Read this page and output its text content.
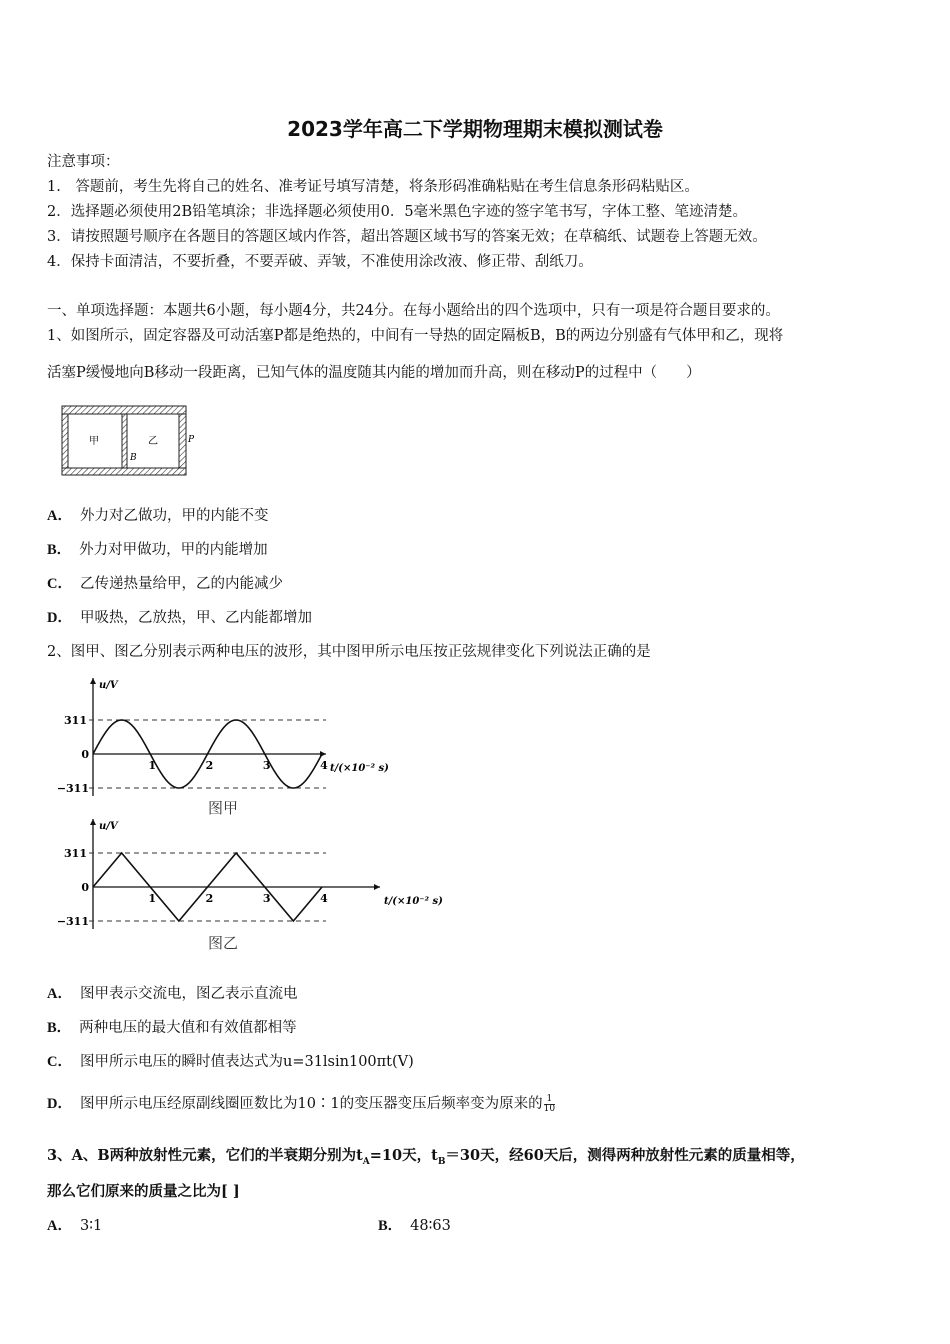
2023学年高二下学期物理期末模拟测试卷
注意事项：
1.　答题前，考生先将自己的姓名、准考证号填写清楚，将条形码准确粘贴在考生信息条形码粘贴区。
2．选择题必须使用2B铅笔填涂；非选择题必须使用0．5毫米黑色字迹的签字笔书写，字体工整、笔迹清楚。
3．请按照题号顺序在各题目的答题区域内作答，超出答题区域书写的答案无效；在草稿纸、试题卷上答题无效。
4．保持卡面清洁，不要折叠，不要弄破、弄皱，不准使用涂改液、修正带、刮纸刀。
一、单项选择题：本题共6小题，每小题4分，共24分。在每小题给出的四个选项中，只有一项是符合题目要求的。
1、如图所示，固定容器及可动活塞P都是绝热的，中间有一导热的固定隔板B，B的两边分别盛有气体甲和乙，现将
活塞P缓慢地向B移动一段距离，已知气体的温度随其内能的增加而升高，则在移动P的过程中（　　）
甲	乙
B
P
A． 外力对乙做功，甲的内能不变
B． 外力对甲做功，甲的内能增加
C． 乙传递热量给甲，乙的内能减少
D． 甲吸热，乙放热，甲、乙内能都增加
2、图甲、图乙分别表示两种电压的波形，其中图甲所示电压按正弦规律变化下列说法正确的是
311
0
−311
u/V
t/(×10⁻² s)
1	2	3	4
图甲
311
0
−311
u/V
t/(×10⁻² s)
1	2	3	4
图乙
A． 图甲表示交流电，图乙表示直流电
B． 两种电压的最大值和有效值都相等
C． 图甲所示电压的瞬时值表达式为u=31lsin100πt(V)
D． 图甲所示电压经原副线圈匝数比为10∶1的变压器变压后频率变为原来的 $\frac{1}{10}$
3、A、B两种放射性元素，它们的半衰期分别为$t_A=10$天，$t_B=30$天，经60天后，测得两种放射性元素的质量相等，
那么它们原来的质量之比为[ ]
A． 3∶1	B． 48∶63
